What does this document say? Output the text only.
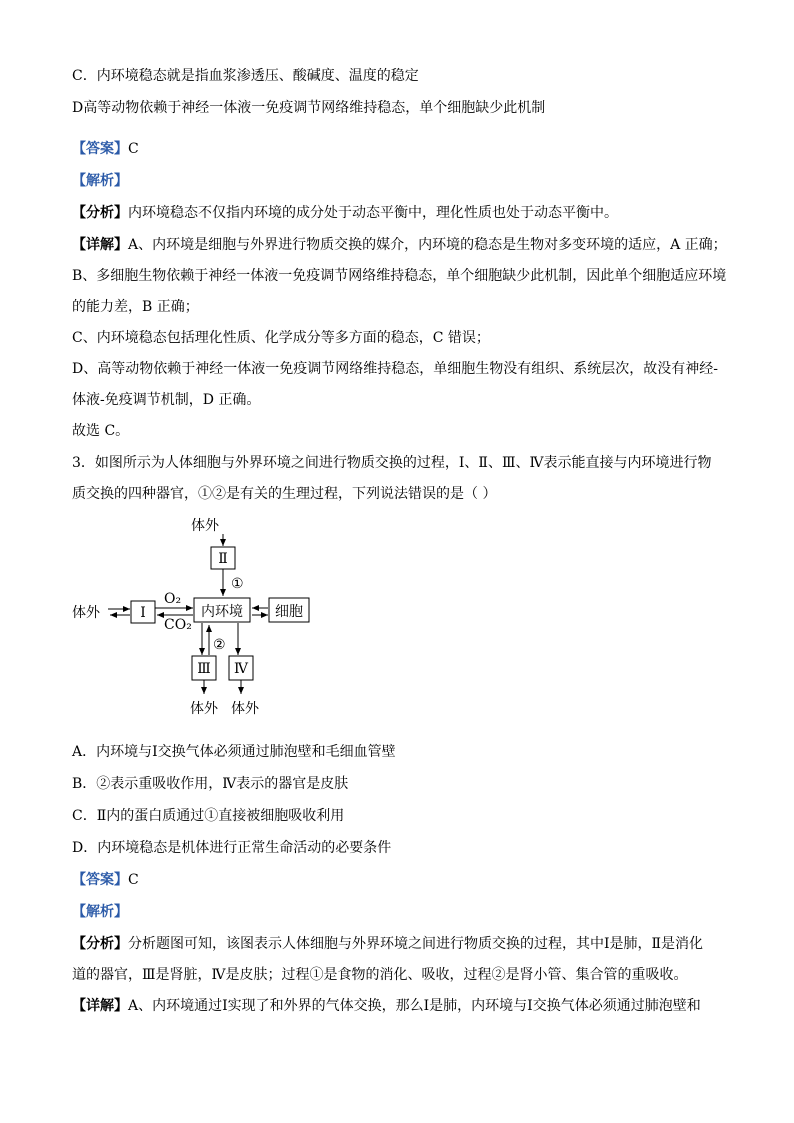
C．内环境稳态就是指血浆渗透压、酸碱度、温度的稳定
D高等动物依赖于神经一体液一免疫调节网络维持稳态，单个细胞缺少此机制
【答案】C
【解析】
【分析】内环境稳态不仅指内环境的成分处于动态平衡中，理化性质也处于动态平衡中。
【详解】A、内环境是细胞与外界进行物质交换的媒介，内环境的稳态是生物对多变环境的适应，A 正确；
B、多细胞生物依赖于神经一体液一免疫调节网络维持稳态，单个细胞缺少此机制，因此单个细胞适应环境
的能力差，B 正确；
C、内环境稳态包括理化性质、化学成分等多方面的稳态，C 错误；
D、高等动物依赖于神经一体液一免疫调节网络维持稳态，单细胞生物没有组织、系统层次，故没有神经-
体液-免疫调节机制，D 正确。
故选 C。
3．如图所示为人体细胞与外界环境之间进行物质交换的过程，Ⅰ、Ⅱ、Ⅲ、Ⅳ表示能直接与内环境进行物
质交换的四种器官，①②是有关的生理过程，下列说法错误的是（ ）
体外
Ⅱ
①
体外	Ⅰ
O₂
CO₂
内环境 细胞
②
Ⅲ Ⅳ
体外 体外
A．内环境与Ⅰ交换气体必须通过肺泡壁和毛细血管壁
B．②表示重吸收作用，Ⅳ表示的器官是皮肤
C．Ⅱ内的蛋白质通过①直接被细胞吸收利用
D．内环境稳态是机体进行正常生命活动的必要条件
【答案】C
【解析】
【分析】分析题图可知，该图表示人体细胞与外界环境之间进行物质交换的过程，其中Ⅰ是肺，Ⅱ是消化
道的器官，Ⅲ是肾脏，Ⅳ是皮肤；过程①是食物的消化、吸收，过程②是肾小管、集合管的重吸收。
【详解】A、内环境通过Ⅰ实现了和外界的气体交换，那么Ⅰ是肺，内环境与Ⅰ交换气体必须通过肺泡壁和
